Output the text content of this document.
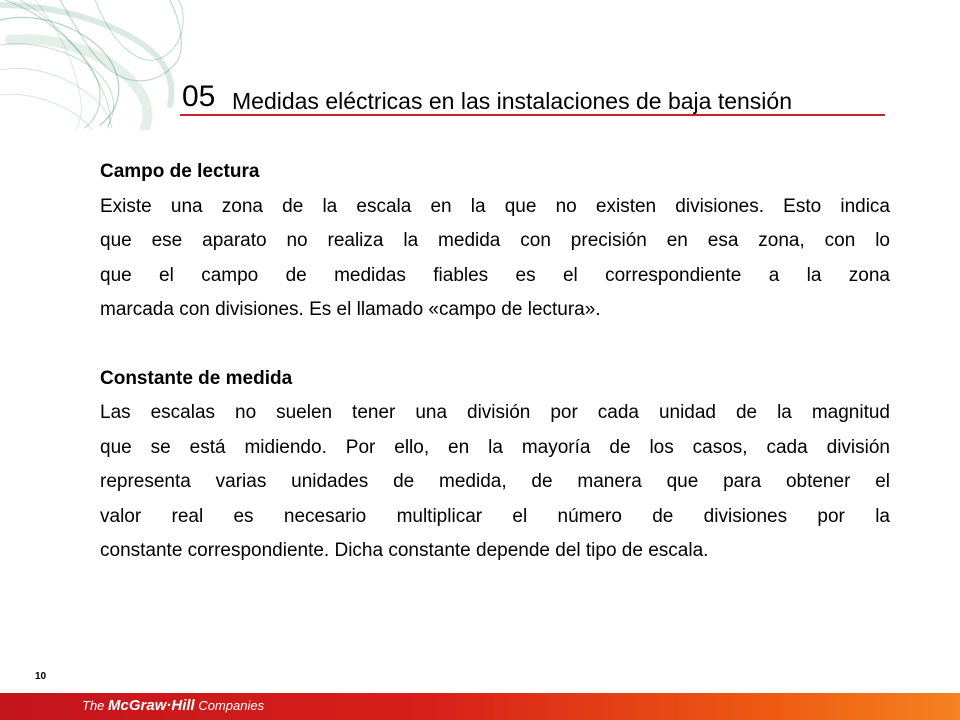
05 Medidas eléctricas en las instalaciones de baja tensión

Campo de lectura

Existe una zona de la escala en la que no existen divisiones. Esto indica
que ese aparato no realiza la medida con precisión en esa zona, con lo
que el campo de medidas fiables es el correspondiente a la zona
marcada con divisiones. Es el llamado «campo de lectura».

Constante de medida

Las escalas no suelen tener una división por cada unidad de la magnitud
que se está midiendo. Por ello, en la mayoría de los casos, cada división
representa varias unidades de medida, de manera que para obtener el
valor real es necesario multiplicar el número de divisiones por la
constante correspondiente. Dicha constante depende del tipo de escala.

10
The McGraw·Hill Companies
